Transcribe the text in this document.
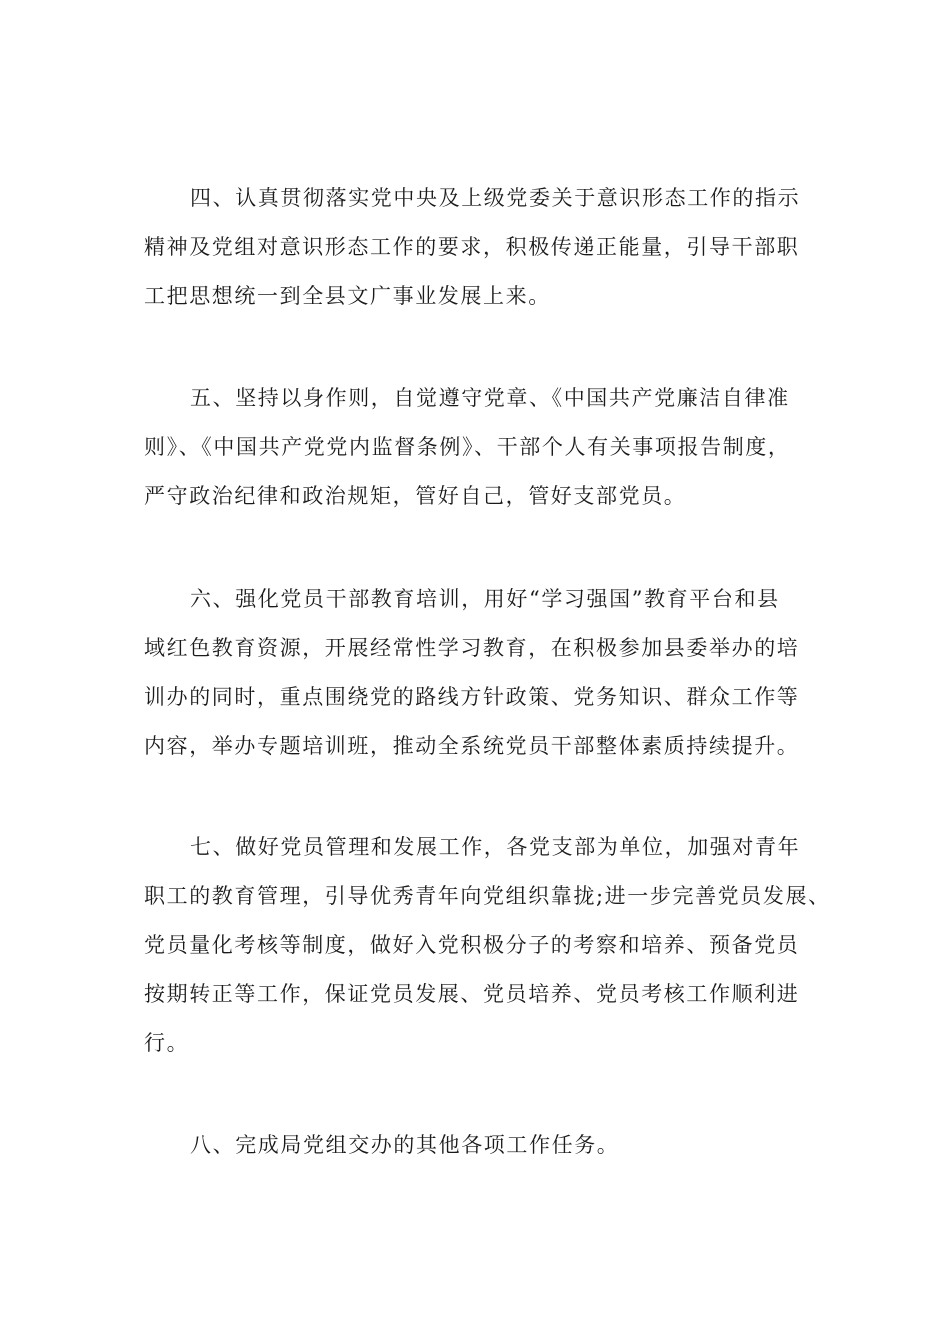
四、认真贯彻落实党中央及上级党委关于意识形态工作的指示
精神及党组对意识形态工作的要求，积极传递正能量，引导干部职
工把思想统一到全县文广事业发展上来。
五、坚持以身作则，自觉遵守党章、《中国共产党廉洁自律准
则》、《中国共产党党内监督条例》、干部个人有关事项报告制度，
严守政治纪律和政治规矩，管好自己，管好支部党员。
六、强化党员干部教育培训，用好“学习强国”教育平台和县
域红色教育资源，开展经常性学习教育，在积极参加县委举办的培
训办的同时，重点围绕党的路线方针政策、党务知识、群众工作等
内容，举办专题培训班，推动全系统党员干部整体素质持续提升。
七、做好党员管理和发展工作，各党支部为单位，加强对青年
职工的教育管理，引导优秀青年向党组织靠拢;进一步完善党员发展、
党员量化考核等制度，做好入党积极分子的考察和培养、预备党员
按期转正等工作，保证党员发展、党员培养、党员考核工作顺利进
行。
八、完成局党组交办的其他各项工作任务。
